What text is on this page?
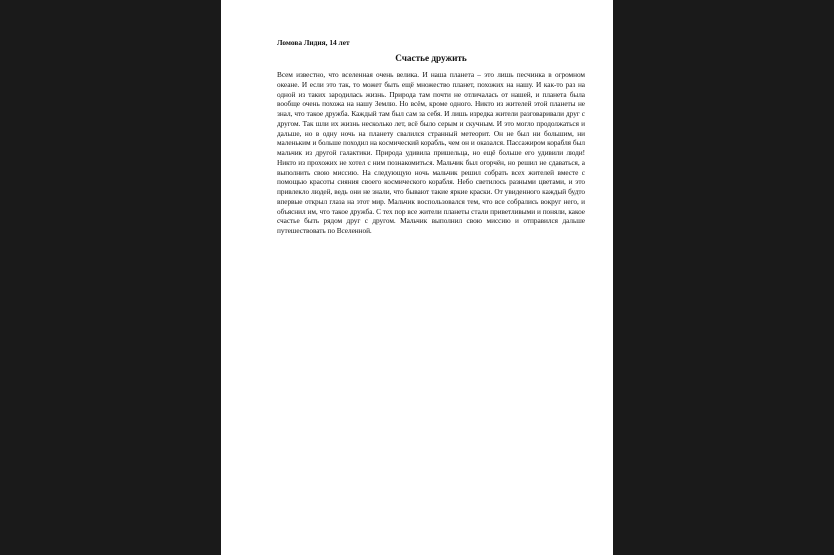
Ломова Лидия, 14 лет

Счастье дружить

Всем известно, что вселенная очень велика. И наша планета – это лишь песчинка в огромном океане. И если это так, то может быть ещё множество планет, похожих на нашу. И как-то раз на одной из таких зародилась жизнь. Природа там почти не отличалась от нашей, и планета была вообще очень похожа на нашу Землю. Но всём, кроме одного. Никто из жителей этой планеты не знал, что такое дружба. Каждый там был сам за себя. И лишь изредка жители разговаривали друг с другом. Так шли их жизнь несколько лет, всё было серым и скучным. И это могло продолжаться и дальше, но в одну ночь на планету свалился странный метеорит. Он не был ни большим, ни маленьким и больше походил на космический корабль, чем он и оказался. Пассажиром корабля был мальчик из другой галактики. Природа удивила пришельца, но ещё больше его удивили люди! Никто из прохожих не хотел с ним познакомиться. Мальчик был огорчён, но решил не сдаваться, а выполнить свою миссию. На следующую ночь мальчик решил собрать всех жителей вместе с помощью красоты сияния своего космического корабля. Небо светилось разными цветами, и это привлекло людей, ведь они не знали, что бывают такие яркие краски. От увиденного каждый будто впервые открыл глаза на этот мир. Мальчик воспользовался тем, что все собрались вокруг него, и объяснил им, что такое дружба. С тех пор все жители планеты стали приветливыми и поняли, какое счастье быть рядом друг с другом. Мальчик выполнил свою миссию и отправился дальше путешествовать по Вселенной.
